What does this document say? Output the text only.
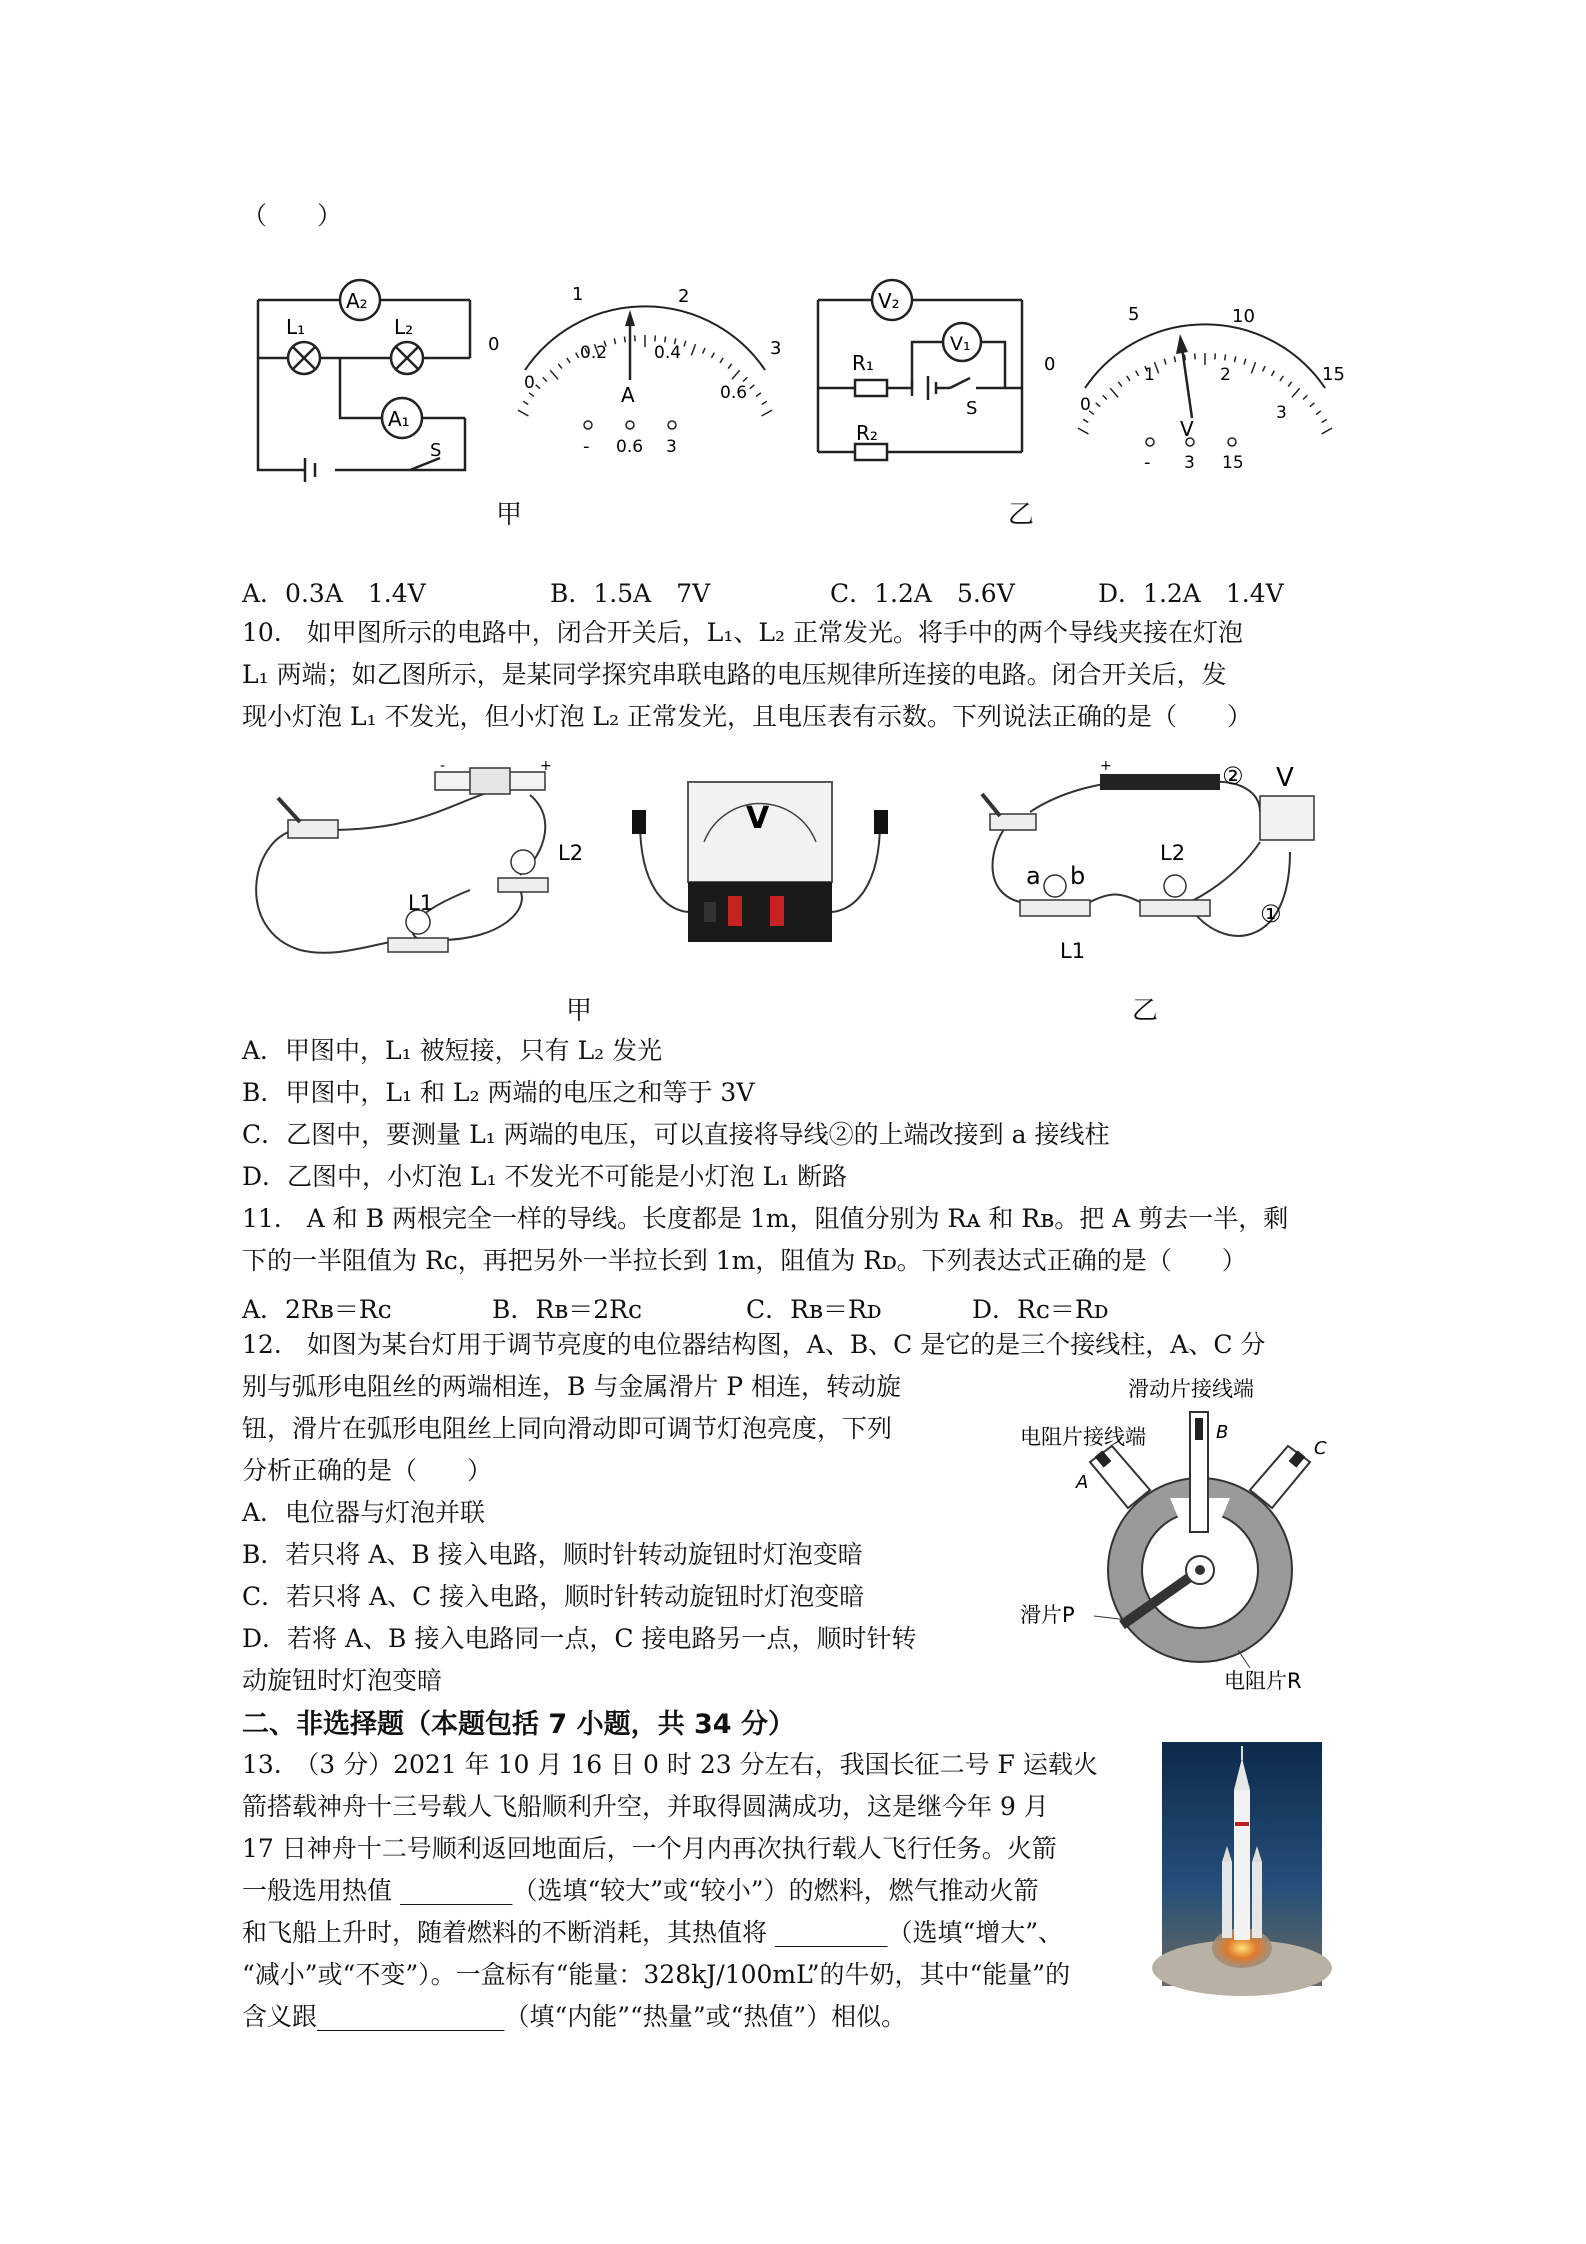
（　　）
A₂
L₁	L₂
A₁
S
0
1	2
3
0
0.2	0.4
0.6
A
- 0.6 3
V₂
V₁
R₁
R₂
S
0
5	10
15
0
1	2
3
V
- 3 15
甲	乙
A．0.3A　1.4V	B．1.5A　7V	C．1.2A　5.6V	D．1.2A　1.4V
10.　如甲图所示的电路中，闭合开关后，L₁、L₂ 正常发光。将手中的两个导线夹接在灯泡
L₁ 两端；如乙图所示，是某同学探究串联电路的电压规律所连接的电路。闭合开关后，发
现小灯泡 L₁ 不发光，但小灯泡 L₂ 正常发光，且电压表有示数。下列说法正确的是（　　）
-	+
L2
L1
V
+
a b
L2
L1
②
①
V
甲	乙
A．甲图中，L₁ 被短接，只有 L₂ 发光
B．甲图中，L₁ 和 L₂ 两端的电压之和等于 3V
C．乙图中，要测量 L₁ 两端的电压，可以直接将导线②的上端改接到 a 接线柱
D．乙图中，小灯泡 L₁ 不发光不可能是小灯泡 L₁ 断路
11.　A 和 B 两根完全一样的导线。长度都是 1m，阻值分别为 Rᴀ 和 Rʙ。把 A 剪去一半，剩
下的一半阻值为 Rᴄ，再把另外一半拉长到 1m，阻值为 Rᴅ。下列表达式正确的是（　　）
A．2Rʙ＝Rᴄ	B．Rʙ＝2Rᴄ	C．Rʙ＝Rᴅ	D．Rᴄ＝Rᴅ
12.　如图为某台灯用于调节亮度的电位器结构图，A、B、C 是它的是三个接线柱，A、C 分
别与弧形电阻丝的两端相连，B 与金属滑片 P 相连，转动旋
钮，滑片在弧形电阻丝上同向滑动即可调节灯泡亮度，下列
分析正确的是（　　）
A．电位器与灯泡并联
B．若只将 A、B 接入电路，顺时针转动旋钮时灯泡变暗
C．若只将 A、C 接入电路，顺时针转动旋钮时灯泡变暗
D．若将 A、B 接入电路同一点，C 接电路另一点，顺时针转
动旋钮时灯泡变暗
滑动片接线端
电阻片接线端
A
B
C
滑片P
电阻片R
二、非选择题（本题包括 7 小题，共 34 分）
13.　（3 分）2021 年 10 月 16 日 0 时 23 分左右，我国长征二号 F 运载火
箭搭载神舟十三号载人飞船顺利升空，并取得圆满成功，这是继今年 9 月
17 日神舟十二号顺利返回地面后，一个月内再次执行载人飞行任务。火箭
一般选用热值 _________（选填“较大”或“较小”）的燃料，燃气推动火箭
和飞船上升时，随着燃料的不断消耗，其热值将 _________（选填“增大”、
“减小”或“不变”）。一盒标有“能量：328kJ/100mL”的牛奶，其中“能量”的
含义跟_______________（填“内能”“热量”或“热值”）相似。
